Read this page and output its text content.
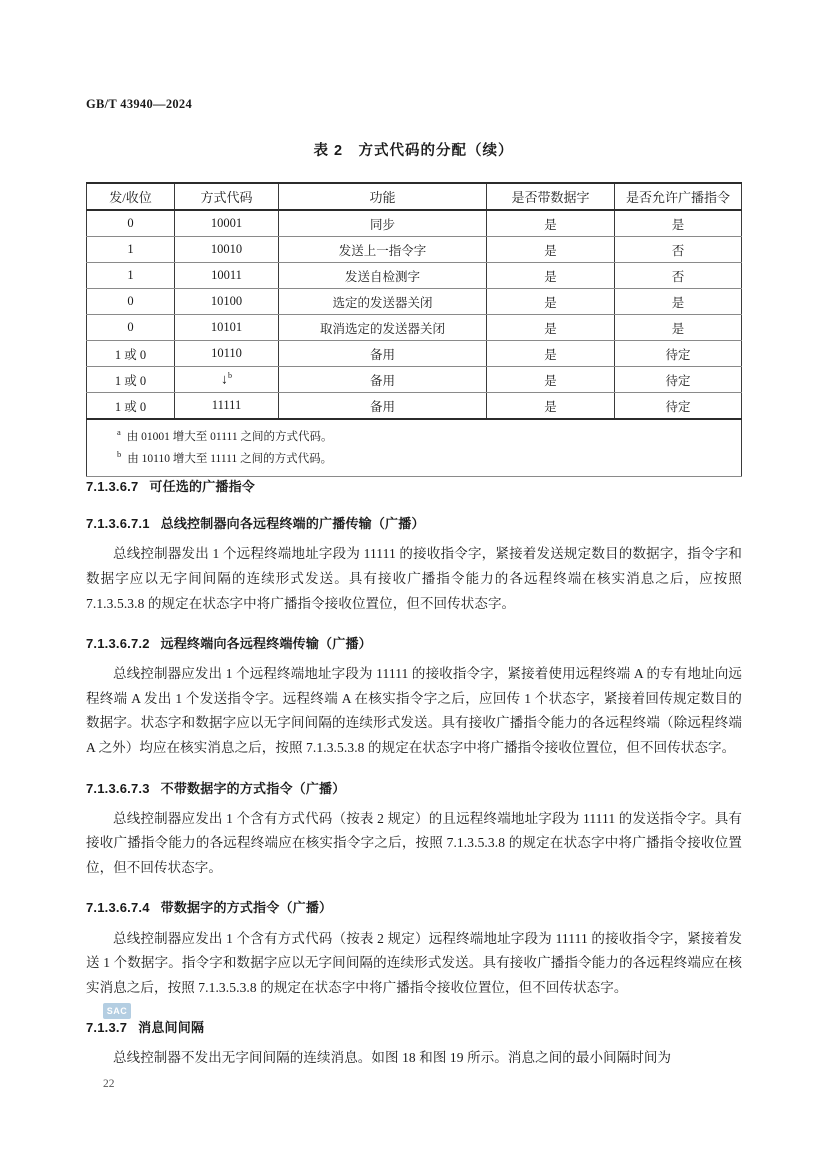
GB/T 43940—2024
表 2　方式代码的分配（续）
发/收位	方式代码	功能	是否带数据字	是否允许广播指令
0	10001	同步	是	是
1	10010	发送上一指令字	是	否
1	10011	发送自检测字	是	否
0	10100	选定的发送器关闭	是	是
0	10101	取消选定的发送器关闭	是	是
1 或 0	10110	备用	是	待定
1 或 0	↓$^b$	备用	是	待定
1 或 0	11111	备用	是	待定

$^a$ 由 01001 增大至 01111 之间的方式代码。
$^b$ 由 10110 增大至 11111 之间的方式代码。				
7.1.3.6.7 可任选的广播指令
7.1.3.6.7.1 总线控制器向各远程终端的广播传输（广播）

总线控制器发出 1 个远程终端地址字段为 11111 的接收指令字，紧接着发送规定数目的数据字，指令字和数据字应以无字间间隔的连续形式发送。具有接收广播指令能力的各远程终端在核实消息之后，应按照 7.1.3.5.3.8 的规定在状态字中将广播指令接收位置位，但不回传状态字。

7.1.3.6.7.2 远程终端向各远程终端传输（广播）

总线控制器应发出 1 个远程终端地址字段为 11111 的接收指令字，紧接着使用远程终端 A 的专有地址向远程终端 A 发出 1 个发送指令字。远程终端 A 在核实指令字之后，应回传 1 个状态字，紧接着回传规定数目的数据字。状态字和数据字应以无字间间隔的连续形式发送。具有接收广播指令能力的各远程终端（除远程终端 A 之外）均应在核实消息之后，按照 7.1.3.5.3.8 的规定在状态字中将广播指令接收位置位，但不回传状态字。

7.1.3.6.7.3 不带数据字的方式指令（广播）

总线控制器应发出 1 个含有方式代码（按表 2 规定）的且远程终端地址字段为 11111 的发送指令字。具有接收广播指令能力的各远程终端应在核实指令字之后，按照 7.1.3.5.3.8 的规定在状态字中将广播指令接收位置位，但不回传状态字。

7.1.3.6.7.4 带数据字的方式指令（广播）

总线控制器应发出 1 个含有方式代码（按表 2 规定）远程终端地址字段为 11111 的接收指令字，紧接着发送 1 个数据字。指令字和数据字应以无字间间隔的连续形式发送。具有接收广播指令能力的各远程终端应在核实消息之后，按照 7.1.3.5.3.8 的规定在状态字中将广播指令接收位置位，但不回传状态字。

7.1.3.7 消息间间隔

总线控制器不发出无字间间隔的连续消息。如图 18 和图 19 所示。消息之间的最小间隔时间为

SAC
22
